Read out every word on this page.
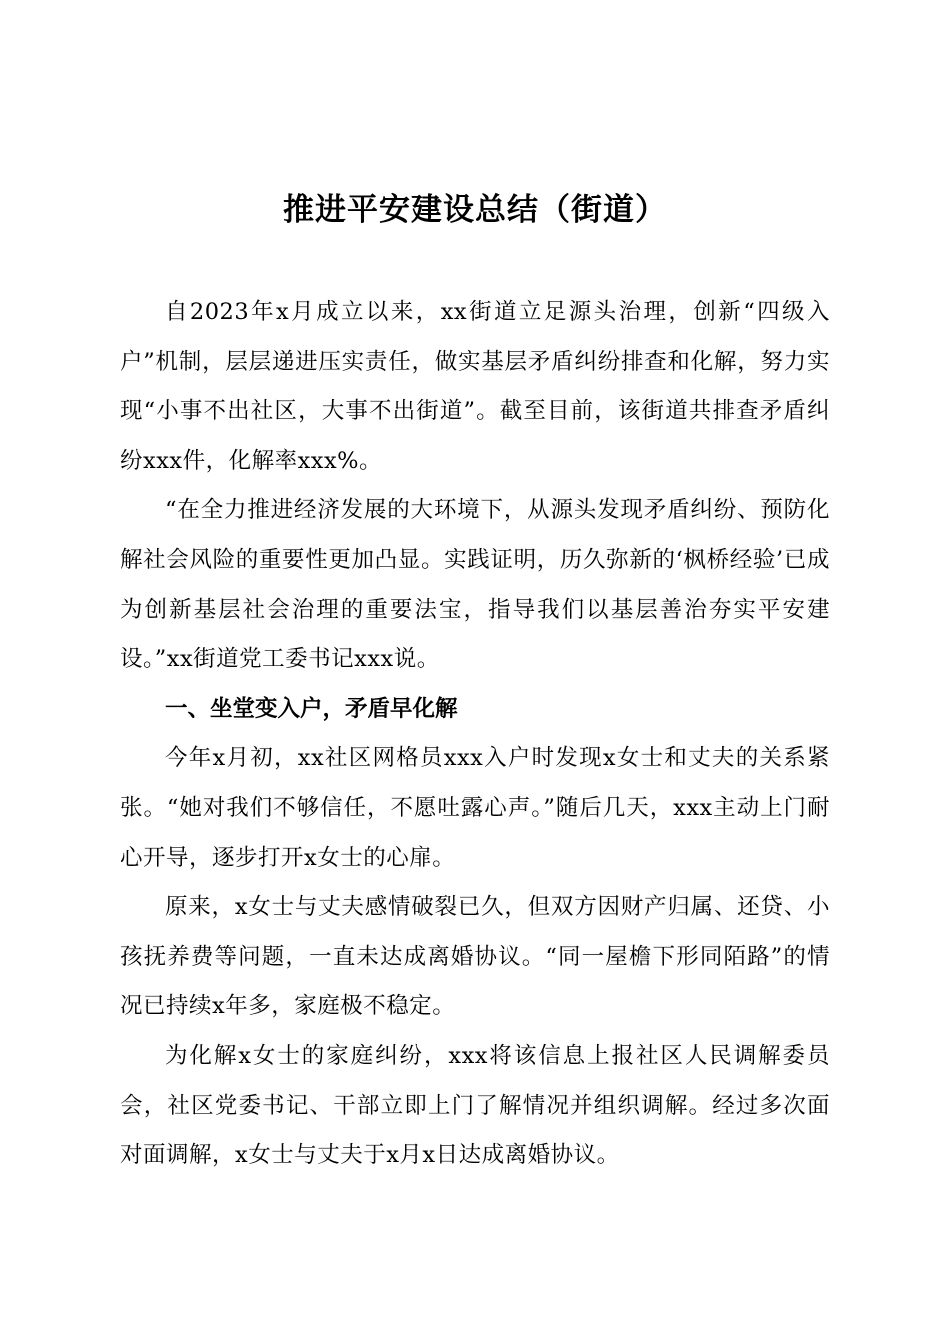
推进平安建设总结（街道）

自2023年x月成立以来，xx街道立足源头治理，创新“四级入户”机制，层层递进压实责任，做实基层矛盾纠纷排查和化解，努力实现“小事不出社区，大事不出街道”。截至目前，该街道共排查矛盾纠纷xxx件，化解率xxx%。

“在全力推进经济发展的大环境下，从源头发现矛盾纠纷、预防化解社会风险的重要性更加凸显。实践证明，历久弥新的‘枫桥经验’已成为创新基层社会治理的重要法宝，指导我们以基层善治夯实平安建设。”xx街道党工委书记xxx说。

一、坐堂变入户，矛盾早化解

今年x月初，xx社区网格员xxx入户时发现x女士和丈夫的关系紧张。“她对我们不够信任，不愿吐露心声。”随后几天，xxx主动上门耐心开导，逐步打开x女士的心扉。

原来，x女士与丈夫感情破裂已久，但双方因财产归属、还贷、小孩抚养费等问题，一直未达成离婚协议。“同一屋檐下形同陌路”的情况已持续x年多，家庭极不稳定。

为化解x女士的家庭纠纷，xxx将该信息上报社区人民调解委员会，社区党委书记、干部立即上门了解情况并组织调解。经过多次面对面调解，x女士与丈夫于x月x日达成离婚协议。
